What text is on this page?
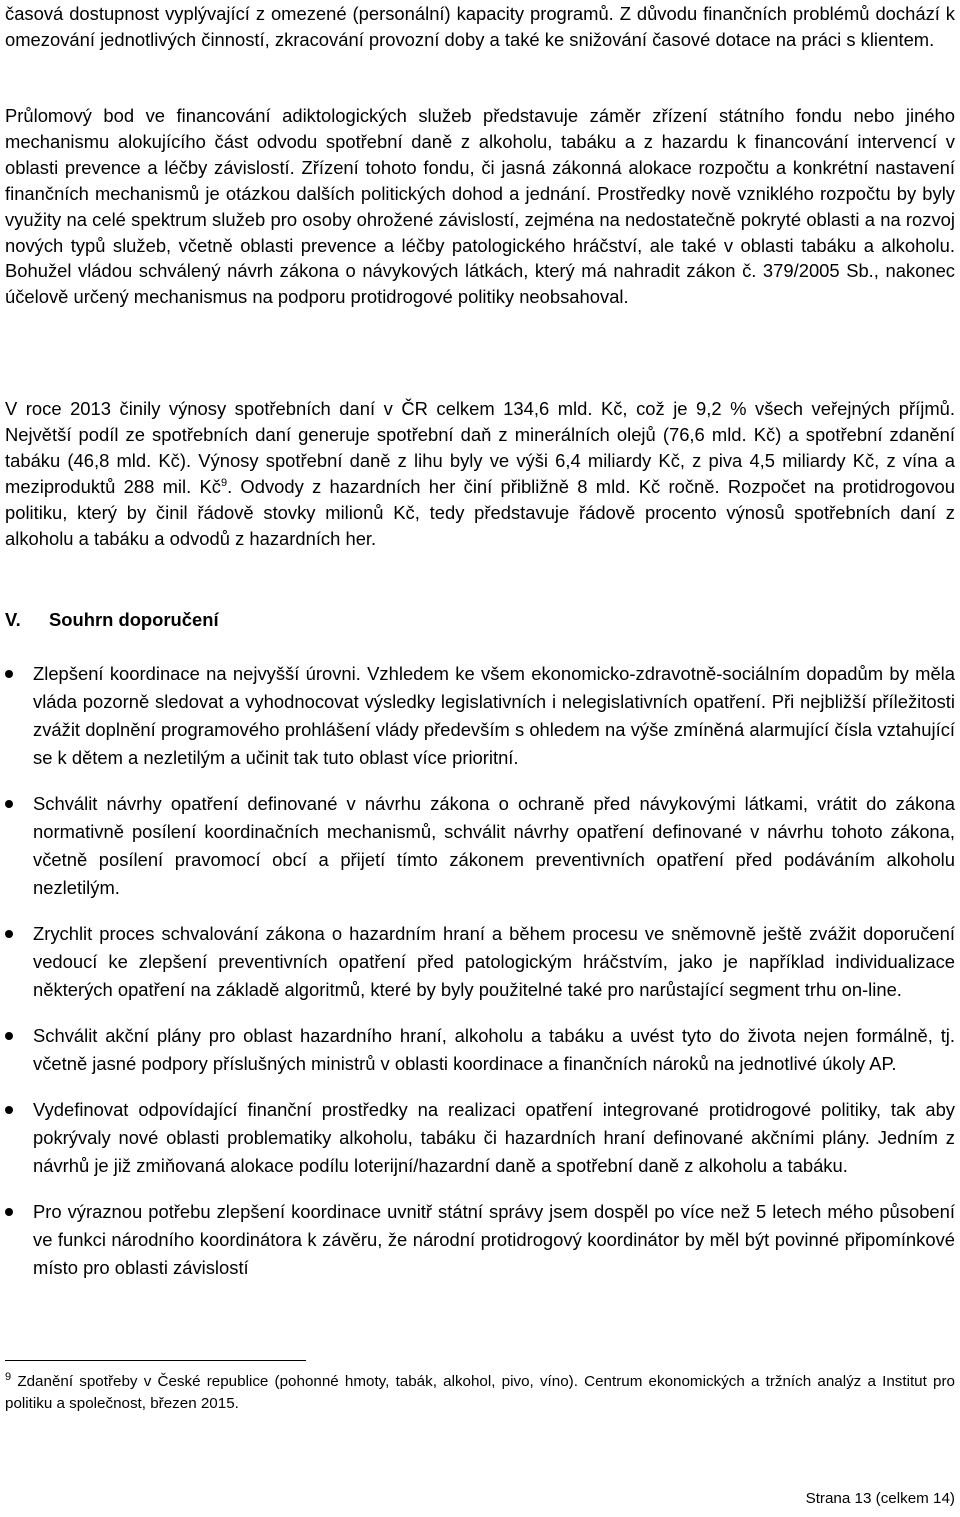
časová dostupnost vyplývající z omezené (personální) kapacity programů. Z důvodu finančních problémů dochází k omezování jednotlivých činností, zkracování provozní doby a také ke snižování časové dotace na práci s klientem.

Průlomový bod ve financování adiktologických služeb představuje záměr zřízení státního fondu nebo jiného mechanismu alokujícího část odvodu spotřební daně z alkoholu, tabáku a z hazardu k financování intervencí v oblasti prevence a léčby závislostí. Zřízení tohoto fondu, či jasná zákonná alokace rozpočtu a konkrétní nastavení finančních mechanismů je otázkou dalších politických dohod a jednání. Prostředky nově vzniklého rozpočtu by byly využity na celé spektrum služeb pro osoby ohrožené závislostí, zejména na nedostatečně pokryté oblasti a na rozvoj nových typů služeb, včetně oblasti prevence a léčby patologického hráčství, ale také v oblasti tabáku a alkoholu. Bohužel vládou schválený návrh zákona o návykových látkách, který má nahradit zákon č. 379/2005 Sb., nakonec účelově určený mechanismus na podporu protidrogové politiky neobsahoval.

V roce 2013 činily výnosy spotřebních daní v ČR celkem 134,6 mld. Kč, což je 9,2 % všech veřejných příjmů. Největší podíl ze spotřebních daní generuje spotřební daň z minerálních olejů (76,6 mld. Kč) a spotřební zdanění tabáku (46,8 mld. Kč). Výnosy spotřební daně z lihu byly ve výši 6,4 miliardy Kč, z piva 4,5 miliardy Kč, z vína a meziproduktů 288 mil. $Kč^9$. Odvody z hazardních her činí přibližně 8 mld. Kč ročně. Rozpočet na protidrogovou politiku, který by činil řádově stovky milionů Kč, tedy představuje řádově procento výnosů spotřebních daní z alkoholu a tabáku a odvodů z hazardních her.

V. Souhrn doporučení
Zlepšení koordinace na nejvyšší úrovni. Vzhledem ke všem ekonomicko-zdravotně-sociálním dopadům by měla vláda pozorně sledovat a vyhodnocovat výsledky legislativních i nelegislativních opatření. Při nejbližší příležitosti zvážit doplnění programového prohlášení vlády především s ohledem na výše zmíněná alarmující čísla vztahující se k dětem a nezletilým a učinit tak tuto oblast více prioritní.
Schválit návrhy opatření definované v návrhu zákona o ochraně před návykovými látkami, vrátit do zákona normativně posílení koordinačních mechanismů, schválit návrhy opatření definované v návrhu tohoto zákona, včetně posílení pravomocí obcí a přijetí tímto zákonem preventivních opatření před podáváním alkoholu nezletilým.
Zrychlit proces schvalování zákona o hazardním hraní a během procesu ve sněmovně ještě zvážit doporučení vedoucí ke zlepšení preventivních opatření před patologickým hráčstvím, jako je například individualizace některých opatření na základě algoritmů, které by byly použitelné také pro narůstající segment trhu on-line.
Schválit akční plány pro oblast hazardního hraní, alkoholu a tabáku a uvést tyto do života nejen formálně, tj. včetně jasné podpory příslušných ministrů v oblasti koordinace a finančních nároků na jednotlivé úkoly AP.
Vydefinovat odpovídající finanční prostředky na realizaci opatření integrované protidrogové politiky, tak aby pokrývaly nové oblasti problematiky alkoholu, tabáku či hazardních hraní definované akčními plány. Jedním z návrhů je již zmiňovaná alokace podílu loterijní/hazardní daně a spotřební daně z alkoholu a tabáku.
Pro výraznou potřebu zlepšení koordinace uvnitř státní správy jsem dospěl po více než 5 letech mého působení ve funkci národního koordinátora k závěru, že národní protidrogový koordinátor by měl být povinné připomínkové místo pro oblasti závislostí

$^9$ Zdanění spotřeby v České republice (pohonné hmoty, tabák, alkohol, pivo, víno). Centrum ekonomických a tržních analýz a Institut pro politiku a společnost, březen 2015.

Strana 13 (celkem 14)
